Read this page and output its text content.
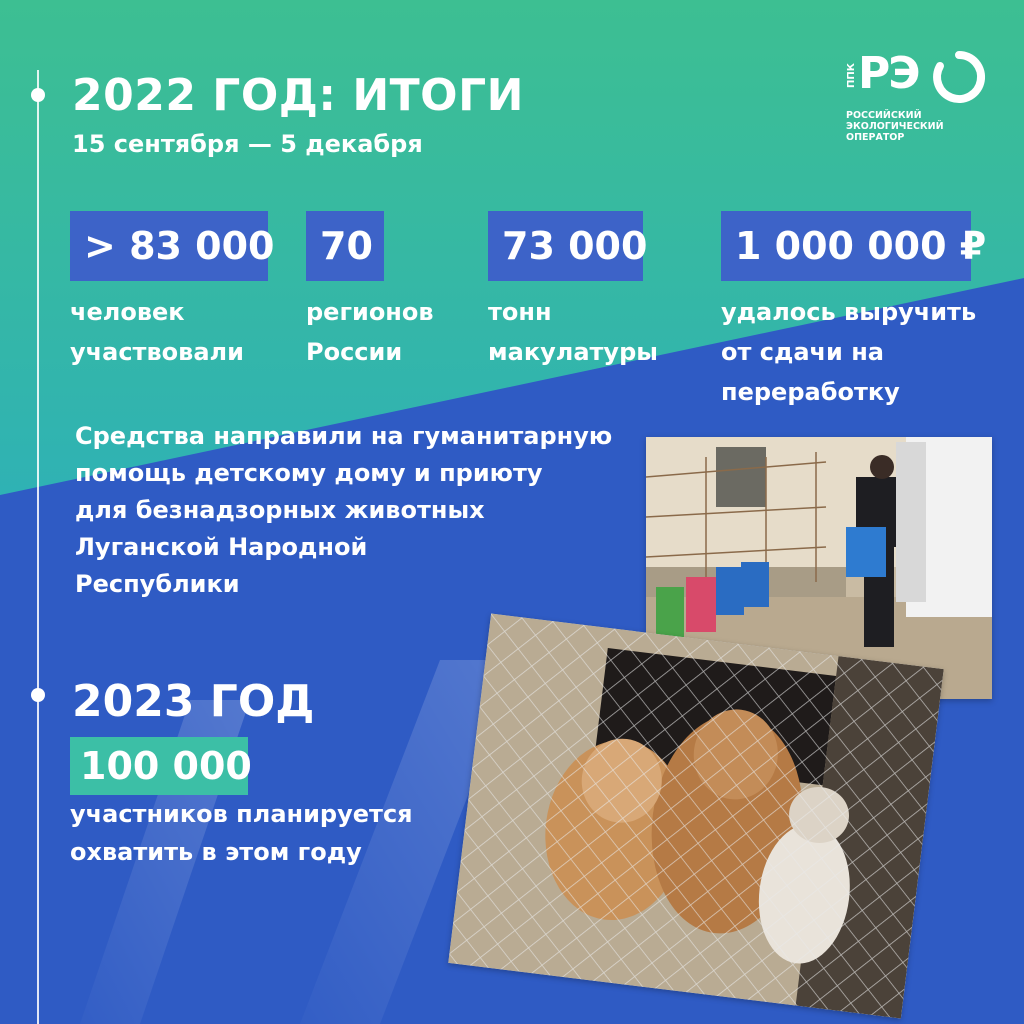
2022 ГОД: ИТОГИ
15 сентября — 5 декабря
ППК РЭ
РОССИЙСКИЙ
ЭКОЛОГИЧЕСКИЙ
ОПЕРАТОР
> 83 000
человек
участвовали
70
регионов
России
73 000
тонн
макулатуры
1 000 000 ₽
удалось выручить
от сдачи на
переработку
Средства направили на гуманитарную
помощь детскому дому и приюту
для безнадзорных животных
Луганской Народной
Республики
2023 ГОД
100 000
участников планируется
охватить в этом году
